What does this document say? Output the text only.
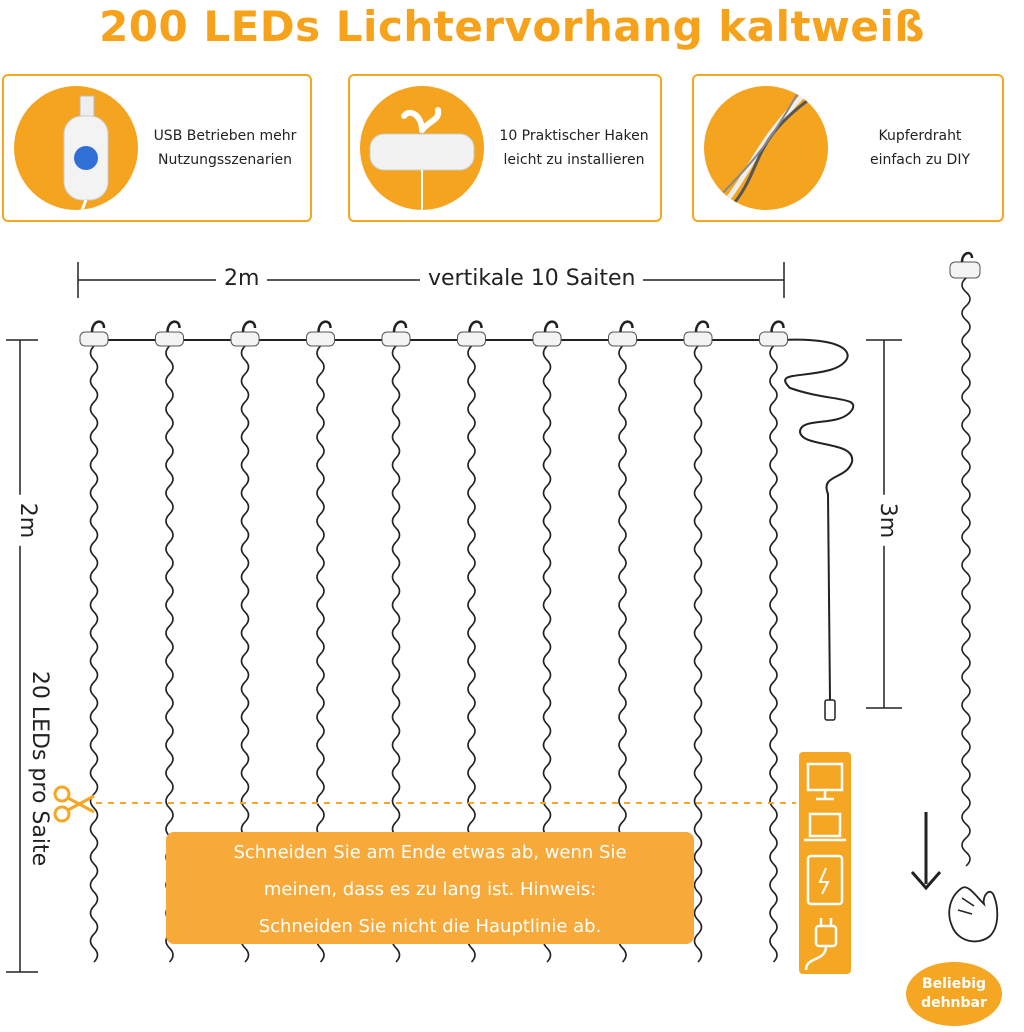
200 LEDs Lichtervorhang kaltweiß
USB Betrieben mehr
Nutzungsszenarien
10 Praktischer Haken
leicht zu installieren
Kupferdraht
einfach zu DIY
2m	vertikale 10 Saiten
2m
20 LEDs pro Saite
3m
Schneiden Sie am Ende etwas ab, wenn Sie
meinen, dass es zu lang ist. Hinweis:
Schneiden Sie nicht die Hauptlinie ab.
Beliebig
dehnbar
